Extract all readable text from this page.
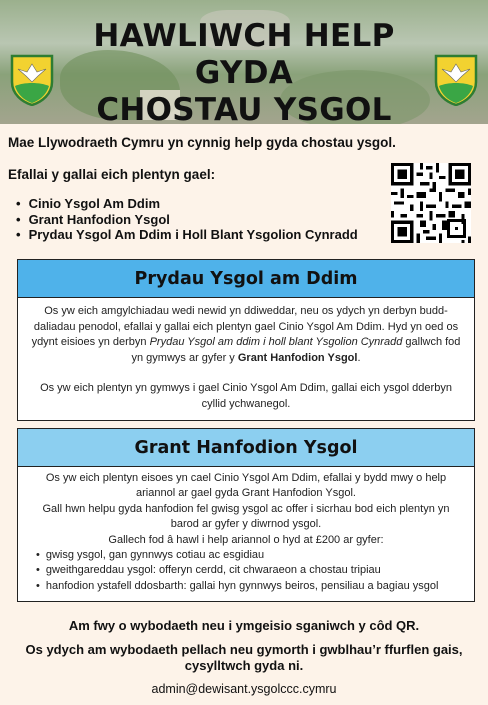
HAWLIWCH HELP GYDA
CHOSTAU YSGOL
Mae Llywodraeth Cymru yn cynnig help gyda chostau ysgol.
Efallai y gallai eich plentyn gael:
• Cinio Ysgol Am Ddim
• Grant Hanfodion Ysgol
• Prydau Ysgol Am Ddim i Holl Blant Ysgolion Cynradd
Prydau Ysgol am Ddim

Os yw eich amgylchiadau wedi newid yn ddiweddar, neu os ydych yn derbyn budd-daliadau penodol, efallai y gallai eich plentyn gael Cinio Ysgol Am Ddim. Hyd yn oed os ydynt eisioes yn derbyn Prydau Ysgol am ddim i holl blant Ysgolion Cynradd gallwch fod yn gymwys ar gyfer y Grant Hanfodion Ysgol.

Os yw eich plentyn yn gymwys i gael Cinio Ysgol Am Ddim, gallai eich ysgol dderbyn cyllid ychwanegol.

Grant Hanfodion Ysgol
Os yw eich plentyn eisoes yn cael Cinio Ysgol Am Ddim, efallai y bydd mwy o help ariannol ar gael gyda Grant Hanfodion Ysgol.
Gall hwn helpu gyda hanfodion fel gwisg ysgol ac offer i sicrhau bod eich plentyn yn barod ar gyfer y diwrnod ysgol.
Gallech fod â hawl i help ariannol o hyd at £200 ar gyfer:
• gwisg ysgol, gan gynnwys cotiau ac esgidiau
• gweithgareddau ysgol: offeryn cerdd, cit chwaraeon a chostau tripiau
• hanfodion ystafell ddosbarth: gallai hyn gynnwys beiros, pensiliau a bagiau ysgol
Am fwy o wybodaeth neu i ymgeisio sganiwch y côd QR.
Os ydych am wybodaeth pellach neu gymorth i gwblhau’r ffurflen gais, cysylltwch gyda ni.
admin@dewisant.ysgolccc.cymru
